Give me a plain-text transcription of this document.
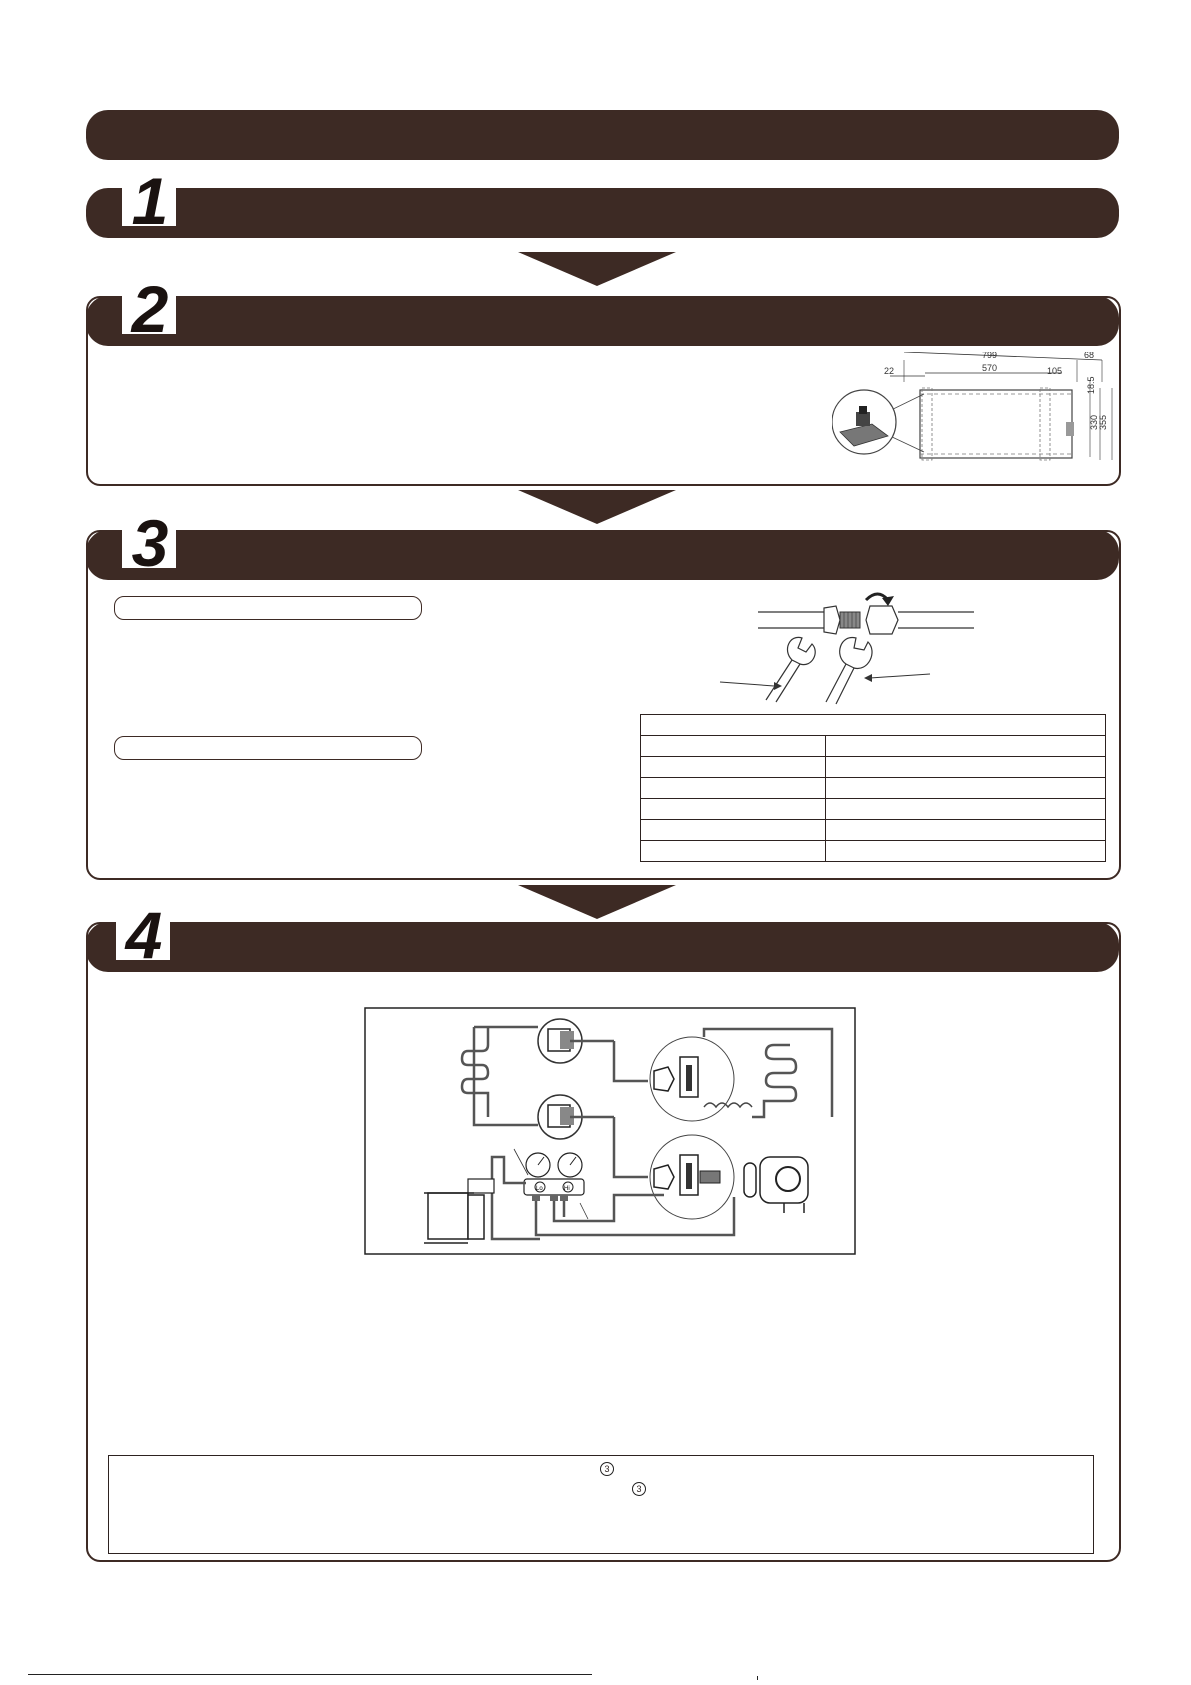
1
2
799	68
570	105
22
18.5
330 355
3

4
Lo	Hi
3
3
